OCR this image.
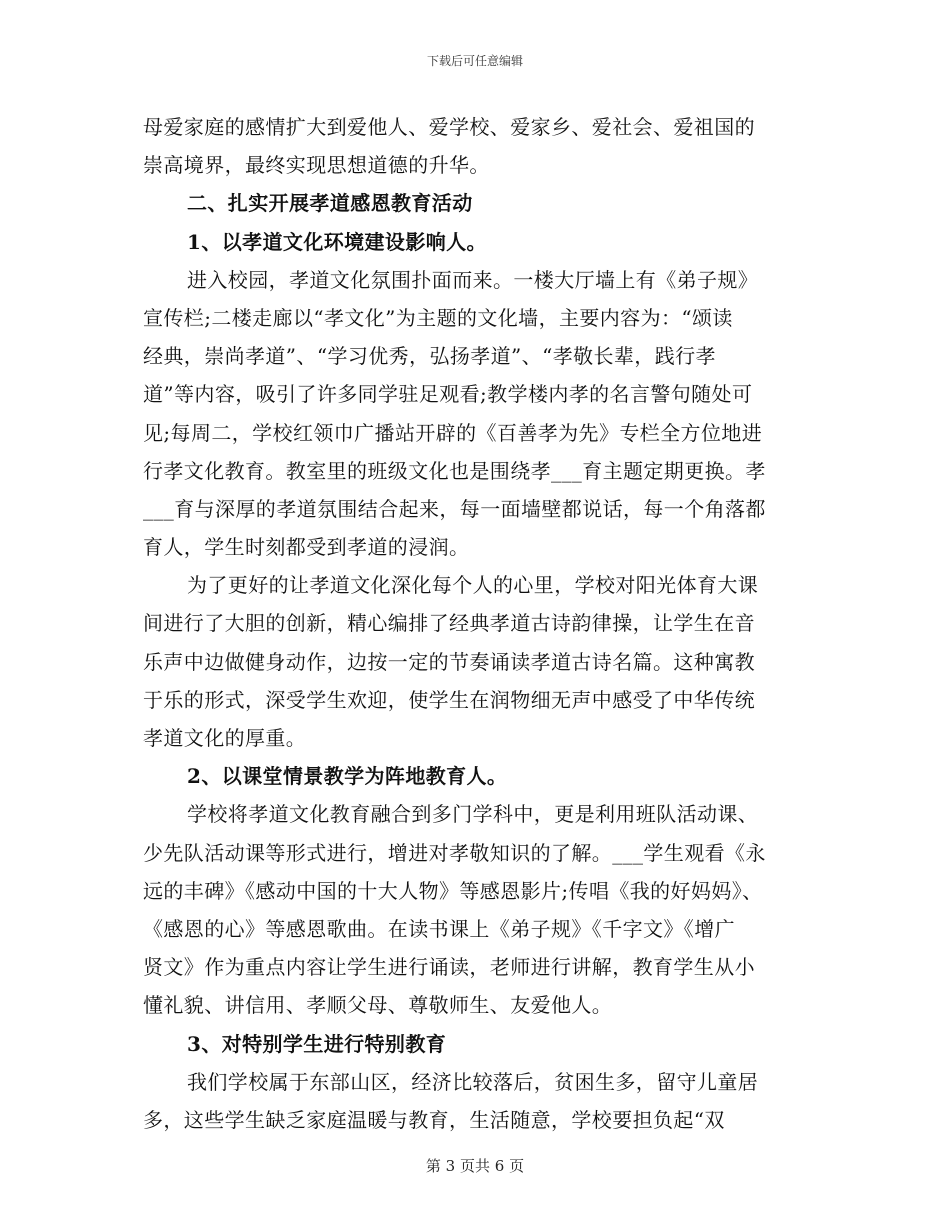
下载后可任意编辑
母爱家庭的感情扩大到爱他人、爱学校、爱家乡、爱社会、爱祖国的
崇高境界，最终实现思想道德的升华。
二、扎实开展孝道感恩教育活动
1、以孝道文化环境建设影响人。
进入校园，孝道文化氛围扑面而来。一楼大厅墙上有《弟子规》
宣传栏;二楼走廊以“孝文化”为主题的文化墙，主要内容为：“颂读
经典，崇尚孝道”、“学习优秀，弘扬孝道”、“孝敬长辈，践行孝
道”等内容，吸引了许多同学驻足观看;教学楼内孝的名言警句随处可
见;每周二，学校红领巾广播站开辟的《百善孝为先》专栏全方位地进
行孝文化教育。教室里的班级文化也是围绕孝___育主题定期更换。孝
___育与深厚的孝道氛围结合起来，每一面墙壁都说话，每一个角落都
育人，学生时刻都受到孝道的浸润。
为了更好的让孝道文化深化每个人的心里，学校对阳光体育大课
间进行了大胆的创新，精心编排了经典孝道古诗韵律操，让学生在音
乐声中边做健身动作，边按一定的节奏诵读孝道古诗名篇。这种寓教
于乐的形式，深受学生欢迎，使学生在润物细无声中感受了中华传统
孝道文化的厚重。
2、以课堂情景教学为阵地教育人。
学校将孝道文化教育融合到多门学科中，更是利用班队活动课、
少先队活动课等形式进行，增进对孝敬知识的了解。___学生观看《永
远的丰碑》《感动中国的十大人物》等感恩影片;传唱《我的好妈妈》、
《感恩的心》等感恩歌曲。在读书课上《弟子规》《千字文》《增广
贤文》作为重点内容让学生进行诵读，老师进行讲解，教育学生从小
懂礼貌、讲信用、孝顺父母、尊敬师生、友爱他人。
3、对特别学生进行特别教育
我们学校属于东部山区，经济比较落后，贫困生多，留守儿童居
多，这些学生缺乏家庭温暖与教育，生活随意，学校要担负起“双
第 3 页共 6 页
